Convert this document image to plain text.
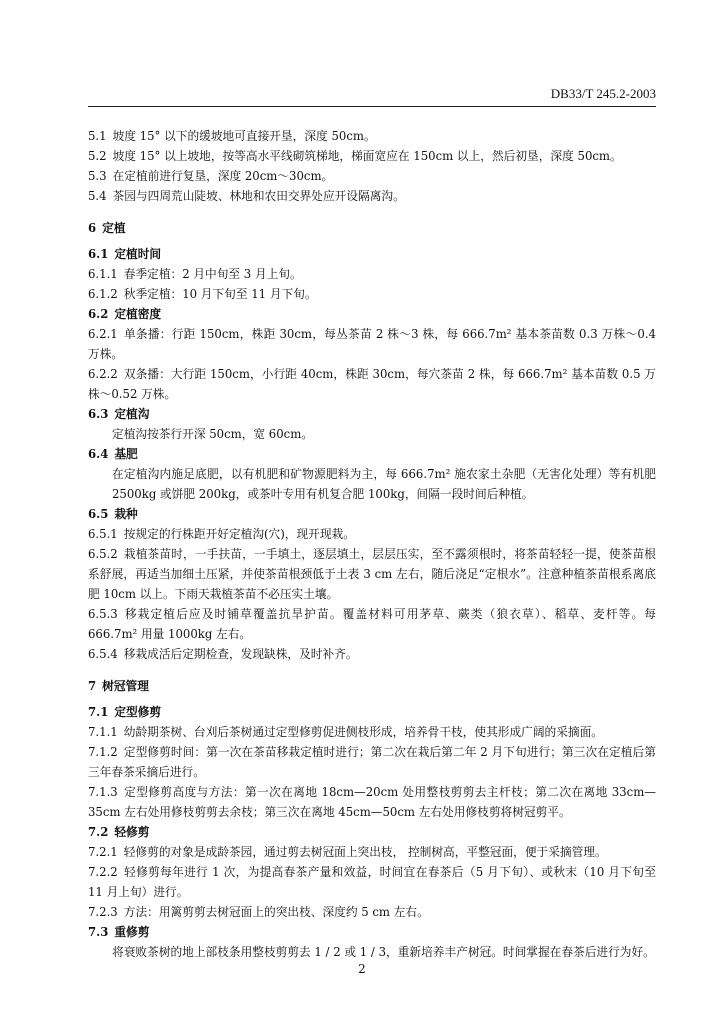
DB33/T 245.2-2003
5.1 坡度 15° 以下的缓坡地可直接开垦，深度 50cm。
5.2 坡度 15° 以上坡地，按等高水平线砌筑梯地，梯面宽应在 150cm 以上，然后初垦，深度 50cm。
5.3 在定植前进行复垦，深度 20cm～30cm。
5.4 茶园与四周荒山陡坡、林地和农田交界处应开设隔离沟。
6 定植
6.1 定植时间
6.1.1 春季定植：2 月中旬至 3 月上旬。
6.1.2 秋季定植：10 月下旬至 11 月下旬。
6.2 定植密度
6.2.1 单条播：行距 150cm，株距 30cm，每丛茶苗 2 株～3 株，每 666.7m² 基本茶苗数 0.3 万株～0.4 万株。
6.2.2 双条播：大行距 150cm，小行距 40cm，株距 30cm，每穴茶苗 2 株，每 666.7m² 基本苗数 0.5 万株～0.52 万株。
6.3 定植沟
定植沟按茶行开深 50cm，宽 60cm。
6.4 基肥
在定植沟内施足底肥，以有机肥和矿物源肥料为主，每 666.7m² 施农家土杂肥（无害化处理）等有机肥 2500kg 或饼肥 200kg，或茶叶专用有机复合肥 100kg，间隔一段时间后种植。
6.5 栽种
6.5.1 按规定的行株距开好定植沟(穴)，现开现栽。
6.5.2 栽植茶苗时，一手扶苗，一手填土，逐层填土，层层压实，至不露须根时，将茶苗轻轻一提，使茶苗根系舒展，再适当加细土压紧，并使茶苗根颈低于土表 3 cm 左右，随后浇足“定根水”。注意种植茶苗根系离底肥 10cm 以上。下雨天栽植茶苗不必压实土壤。
6.5.3 移栽定植后应及时铺草覆盖抗旱护苗。覆盖材料可用茅草、蕨类（狼衣草）、稻草、麦杆等。每 666.7m² 用量 1000kg 左右。
6.5.4 移栽成活后定期检查，发现缺株，及时补齐。
7 树冠管理
7.1 定型修剪
7.1.1 幼龄期茶树、台刈后茶树通过定型修剪促进侧枝形成，培养骨干枝，使其形成广阔的采摘面。
7.1.2 定型修剪时间：第一次在茶苗移栽定植时进行；第二次在栽后第二年 2 月下旬进行；第三次在定植后第三年春茶采摘后进行。
7.1.3 定型修剪高度与方法：第一次在离地 18cm—20cm 处用整枝剪剪去主杆枝；第二次在离地 33cm—35cm 左右处用修枝剪剪去余枝；第三次在离地 45cm—50cm 左右处用修枝剪将树冠剪平。
7.2 轻修剪
7.2.1 轻修剪的对象是成龄茶园，通过剪去树冠面上突出枝， 控制树高，平整冠面，便于采摘管理。
7.2.2 轻修剪每年进行 1 次，为提高春茶产量和效益，时间宜在春茶后（5 月下旬）、或秋末（10 月下旬至 11 月上旬）进行。
7.2.3 方法：用篱剪剪去树冠面上的突出枝、深度约 5 cm 左右。
7.3 重修剪
将衰败茶树的地上部枝条用整枝剪剪去 1 / 2 或 1 / 3，重新培养丰产树冠。时间掌握在春茶后进行为好。
2
